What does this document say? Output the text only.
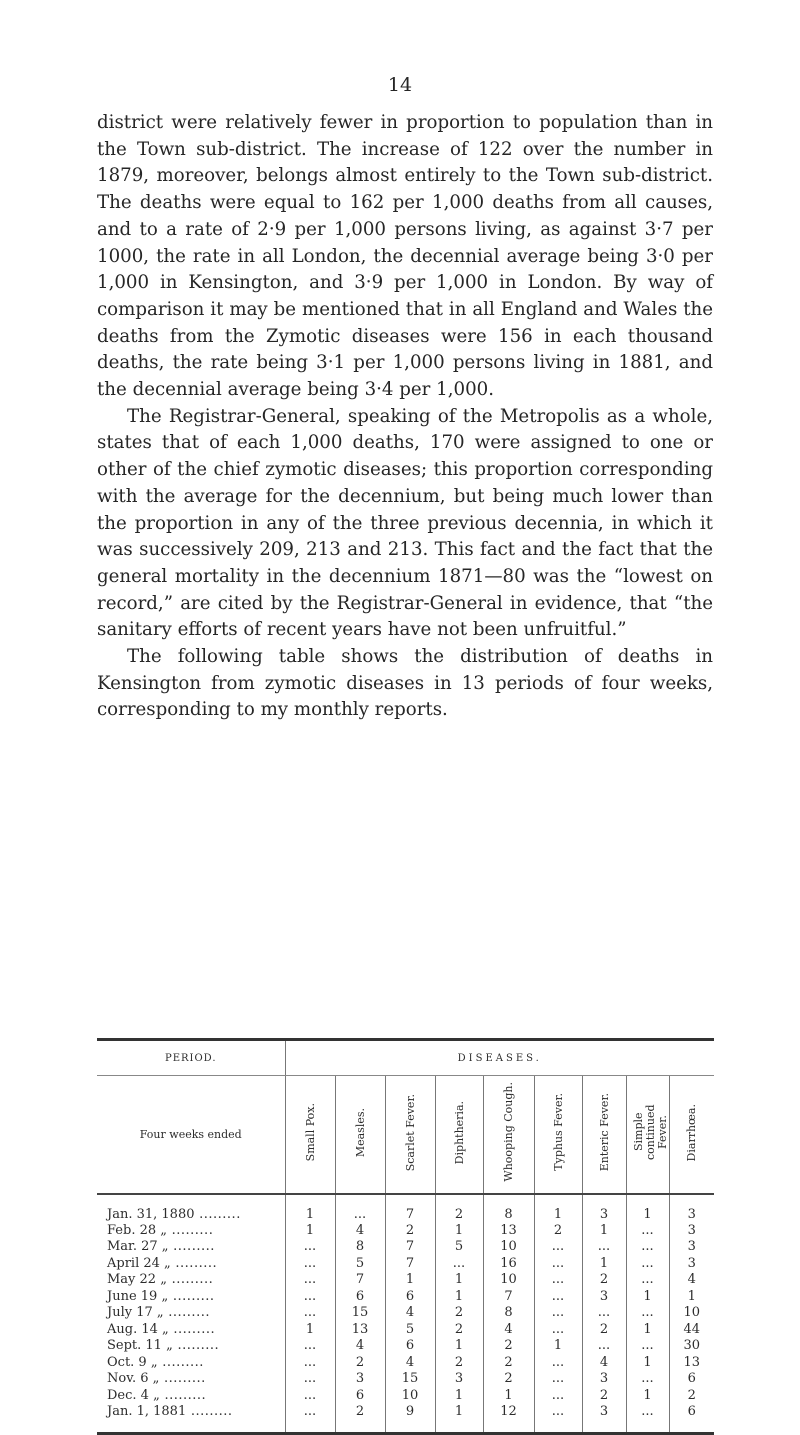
14

district were relatively fewer in proportion to population than in the Town sub-district. The increase of 122 over the number in 1879, moreover, belongs almost entirely to the Town sub-district. The deaths were equal to 162 per 1,000 deaths from all causes, and to a rate of 2·9 per 1,000 persons living, as against 3·7 per 1000, the rate in all London, the decennial average being 3·0 per 1,000 in Kensington, and 3·9 per 1,000 in London. By way of comparison it may be mentioned that in all England and Wales the deaths from the Zymotic diseases were 156 in each thousand deaths, the rate being 3·1 per 1,000 persons living in 1881, and the decennial average being 3·4 per 1,000.

The Registrar-General, speaking of the Metropolis as a whole, states that of each 1,000 deaths, 170 were assigned to one or other of the chief zymotic diseases; this proportion corresponding with the average for the decennium, but being much lower than the proportion in any of the three previous decennia, in which it was successively 209, 213 and 213. This fact and the fact that the general mortality in the decennium 1871—80 was the “lowest on record,” are cited by the Registrar-General in evidence, that “the sanitary efforts of recent years have not been unfruitful.”

The following table shows the distribution of deaths in Kensington from zymotic diseases in 13 periods of four weeks, corresponding to my monthly reports.

PERIOD.	DISEASES.								
Four weeks ended	Small Pox.	Measles.	Scarlet Fever.	Diphtheria.	Whooping Cough.	Typhus Fever.	Enteric Fever.	Simple continued Fever.	Diarrhœa.
Jan. 31, 1880 .........	1	...	7	2	8	1	3	1	3
Feb. 28 „ .........	1	4	2	1	13	2	1	...	3
Mar. 27 „ .........	...	8	7	5	10	...	...	...	3
April 24 „ .........	...	5	7	...	16	...	1	...	3
May 22 „ .........	...	7	1	1	10	...	2	...	4
June 19 „ .........	...	6	6	1	7	...	3	1	1
July 17 „ .........	...	15	4	2	8	...	...	...	10
Aug. 14 „ .........	1	13	5	2	4	...	2	1	44
Sept. 11 „ .........	...	4	6	1	2	1	...	...	30
Oct. 9 „ .........	...	2	4	2	2	...	4	1	13
Nov. 6 „ .........	...	3	15	3	2	...	3	...	6
Dec. 4 „ .........	...	6	10	1	1	...	2	1	2
Jan. 1, 1881 .........	...	2	9	1	12	...	3	...	6
